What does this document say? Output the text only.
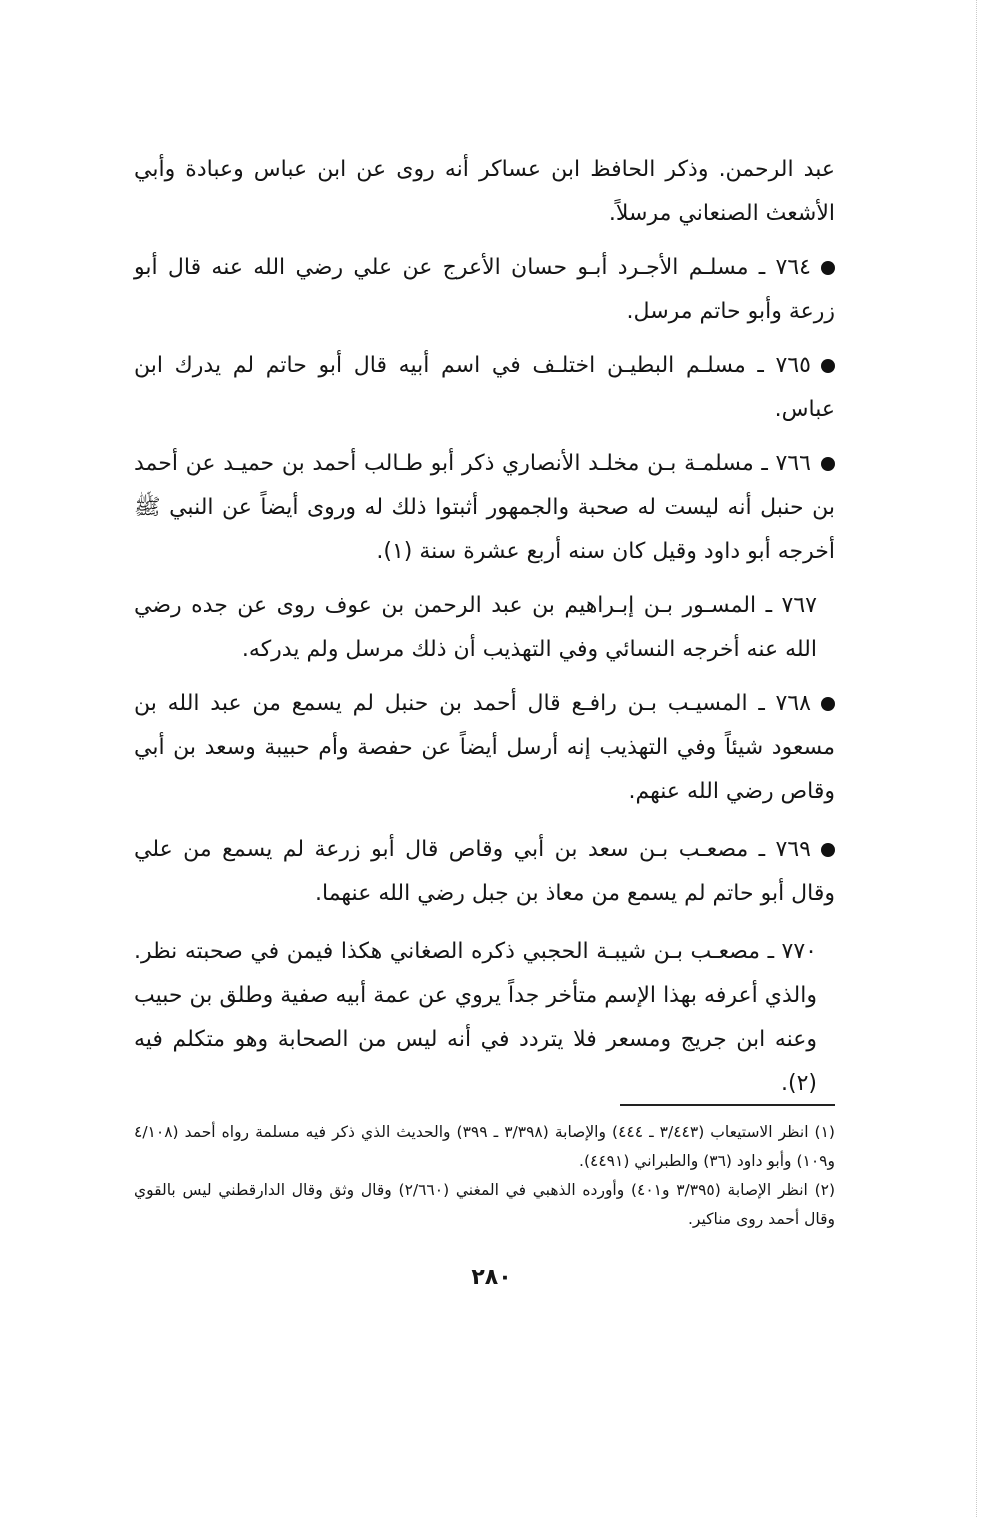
عبد الرحمن. وذكر الحافظ ابن عساكر أنه روى عن ابن عباس وعبادة وأبي الأشعث الصنعاني مرسلاً.

٧٦٤ ـ مسلـم الأجـرد أبـو حسان الأعرج عن علي رضي الله عنه قال أبو زرعة وأبو حاتم مرسل.

٧٦٥ ـ مسلـم البطيـن اختلـف في اسم أبيه قال أبو حاتم لم يدرك ابن عباس.

٧٦٦ ـ مسلمـة بـن مخلـد الأنصاري ذكر أبو طـالب أحمد بن حميـد عن أحمد بن حنبل أنه ليست له صحبة والجمهور أثبتوا ذلك له وروى أيضاً عن النبي ﷺ أخرجه أبو داود وقيل كان سنه أربع عشرة سنة (١).

٧٦٧ ـ المسـور بـن إبـراهيم بن عبد الرحمن بن عوف روى عن جده رضي الله عنه أخرجه النسائي وفي التهذيب أن ذلك مرسل ولم يدركه.

٧٦٨ ـ المسيـب بـن رافـع قال أحمد بن حنبل لم يسمع من عبد الله بن مسعود شيئاً وفي التهذيب إنه أرسل أيضاً عن حفصة وأم حبيبة وسعد بن أبي وقاص رضي الله عنهم.

٧٦٩ ـ مصعـب بـن سعد بن أبي وقاص قال أبو زرعة لم يسمع من علي وقال أبو حاتم لم يسمع من معاذ بن جبل رضي الله عنهما.

٧٧٠ ـ مصعـب بـن شيبـة الحجبي ذكره الصغاني هكذا فيمن في صحبته نظر. والذي أعرفه بهذا الإسم متأخر جداً يروي عن عمة أبيه صفية وطلق بن حبيب وعنه ابن جريج ومسعر فلا يتردد في أنه ليس من الصحابة وهو متكلم فيه (٢).

(١) انظر الاستيعاب (٣/٤٤٣ ـ ٤٤٤) والإصابة (٣/٣٩٨ ـ ٣٩٩) والحديث الذي ذكر فيه مسلمة رواه أحمد (٤/١٠٨ و١٠٩) وأبو داود (٣٦) والطبراني (٤٤٩١).

(٢) انظر الإصابة (٣/٣٩٥ و٤٠١) وأورده الذهبي في المغني (٢/٦٦٠) وقال وثق وقال الدارقطني ليس بالقوي وقال أحمد روى مناكير.

٢٨٠
